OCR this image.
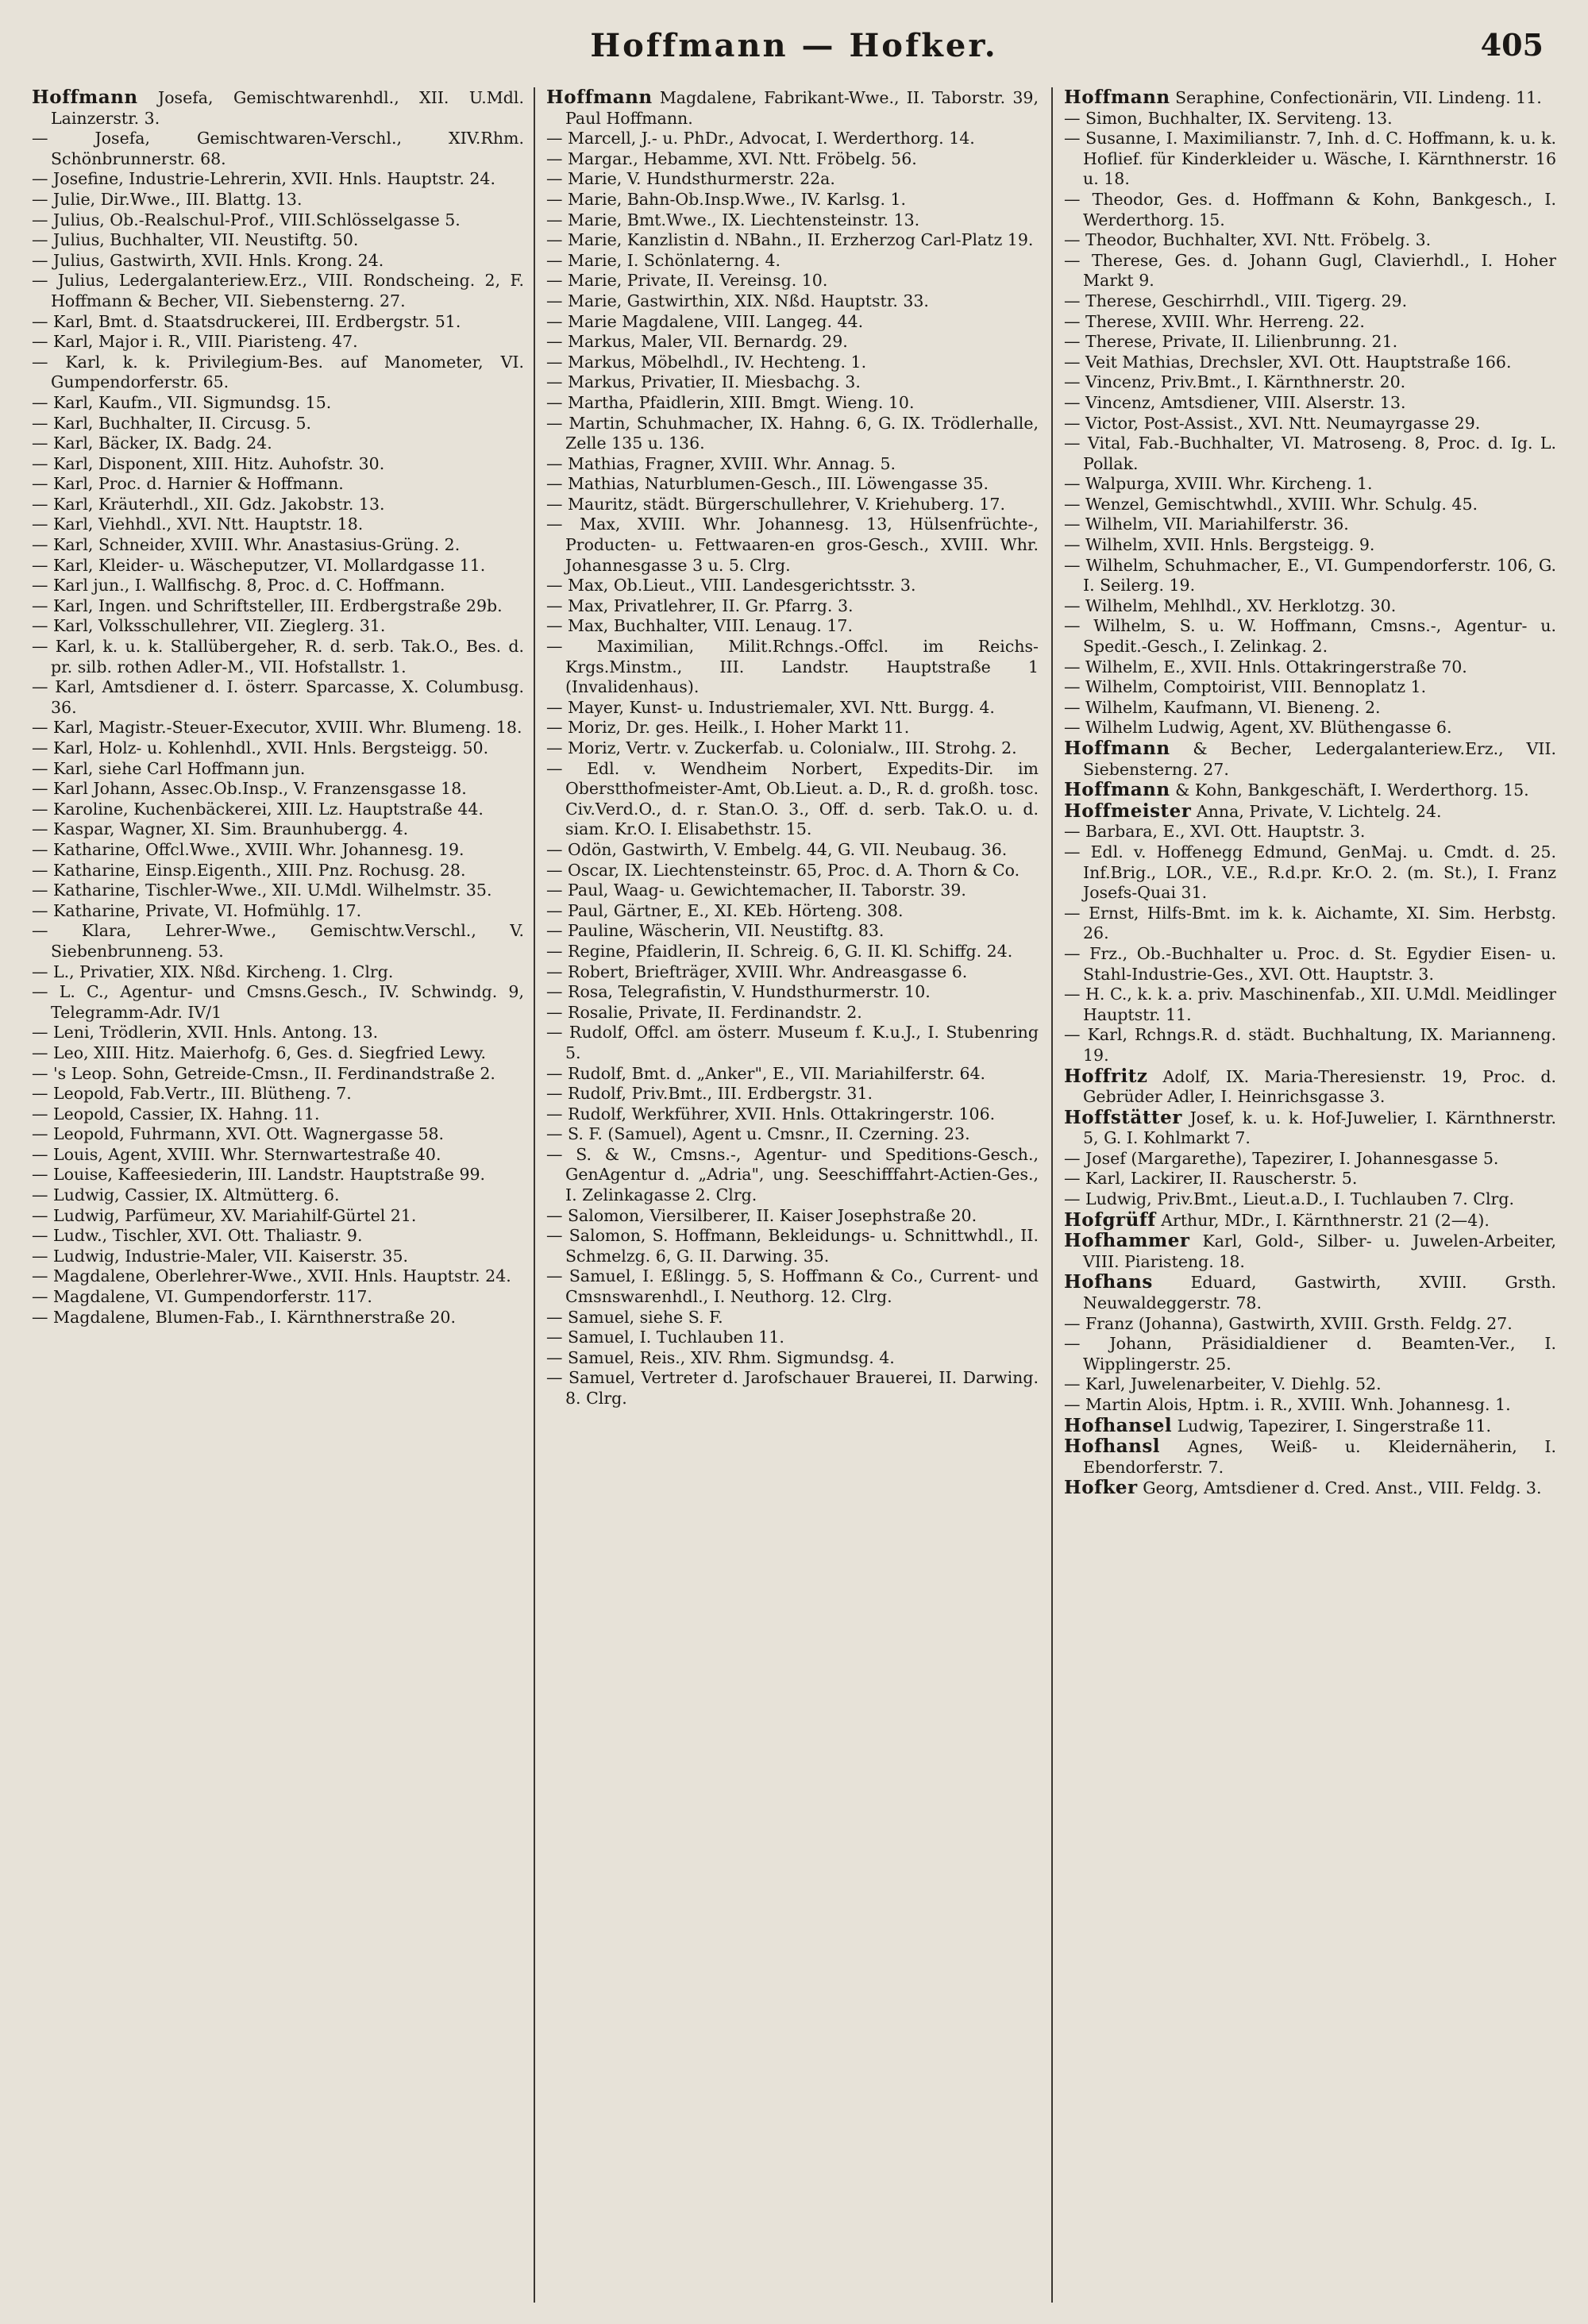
Hoffmann — Hofker.	405

Hoffmann Josefa, Gemischtwarenhdl., XII. U.Mdl. Lainzerstr. 3.

— Josefa, Gemischtwaren-Verschl., XIV.Rhm. Schönbrunnerstr. 68.

— Josefine, Industrie-Lehrerin, XVII. Hnls. Hauptstr. 24.

— Julie, Dir.Wwe., III. Blattg. 13.

— Julius, Ob.-Realschul-Prof., VIII.Schlösselgasse 5.

— Julius, Buchhalter, VII. Neustiftg. 50.

— Julius, Gastwirth, XVII. Hnls. Krong. 24.

— Julius, Ledergalanteriew.Erz., VIII. Rondscheing. 2, F. Hoffmann & Becher, VII. Siebensterng. 27.

— Karl, Bmt. d. Staatsdruckerei, III. Erdbergstr. 51.

— Karl, Major i. R., VIII. Piaristeng. 47.

— Karl, k. k. Privilegium-Bes. auf Manometer, VI. Gumpendorferstr. 65.

— Karl, Kaufm., VII. Sigmundsg. 15.

— Karl, Buchhalter, II. Circusg. 5.

— Karl, Bäcker, IX. Badg. 24.

— Karl, Disponent, XIII. Hitz. Auhofstr. 30.

— Karl, Proc. d. Harnier & Hoffmann.

— Karl, Kräuterhdl., XII. Gdz. Jakobstr. 13.

— Karl, Viehhdl., XVI. Ntt. Hauptstr. 18.

— Karl, Schneider, XVIII. Whr. Anastasius-Grüng. 2.

— Karl, Kleider- u. Wäscheputzer, VI. Mollardgasse 11.

— Karl jun., I. Wallfischg. 8, Proc. d. C. Hoffmann.

— Karl, Ingen. und Schriftsteller, III. Erdbergstraße 29b.

— Karl, Volksschullehrer, VII. Zieglerg. 31.

— Karl, k. u. k. Stallübergeher, R. d. serb. Tak.O., Bes. d. pr. silb. rothen Adler-M., VII. Hofstallstr. 1.

— Karl, Amtsdiener d. I. österr. Sparcasse, X. Columbusg. 36.

— Karl, Magistr.-Steuer-Executor, XVIII. Whr. Blumeng. 18.

— Karl, Holz- u. Kohlenhdl., XVII. Hnls. Bergsteigg. 50.

— Karl, siehe Carl Hoffmann jun.

— Karl Johann, Assec.Ob.Insp., V. Franzensgasse 18.

— Karoline, Kuchenbäckerei, XIII. Lz. Hauptstraße 44.

— Kaspar, Wagner, XI. Sim. Braunhubergg. 4.

— Katharine, Offcl.Wwe., XVIII. Whr. Johannesg. 19.

— Katharine, Einsp.Eigenth., XIII. Pnz. Rochusg. 28.

— Katharine, Tischler-Wwe., XII. U.Mdl. Wilhelmstr. 35.

— Katharine, Private, VI. Hofmühlg. 17.

— Klara, Lehrer-Wwe., Gemischtw.Verschl., V. Siebenbrunneng. 53.

— L., Privatier, XIX. Nßd. Kircheng. 1. Clrg.

— L. C., Agentur- und Cmsns.Gesch., IV. Schwindg. 9, Telegramm-Adr. IV/1

— Leni, Trödlerin, XVII. Hnls. Antong. 13.

— Leo, XIII. Hitz. Maierhofg. 6, Ges. d. Siegfried Lewy.

— 's Leop. Sohn, Getreide-Cmsn., II. Ferdinandstraße 2.

— Leopold, Fab.Vertr., III. Blütheng. 7.

— Leopold, Cassier, IX. Hahng. 11.

— Leopold, Fuhrmann, XVI. Ott. Wagnergasse 58.

— Louis, Agent, XVIII. Whr. Sternwartestraße 40.

— Louise, Kaffeesiederin, III. Landstr. Hauptstraße 99.

— Ludwig, Cassier, IX. Altmütterg. 6.

— Ludwig, Parfümeur, XV. Mariahilf-Gürtel 21.

— Ludw., Tischler, XVI. Ott. Thaliastr. 9.

— Ludwig, Industrie-Maler, VII. Kaiserstr. 35.

— Magdalene, Oberlehrer-Wwe., XVII. Hnls. Hauptstr. 24.

— Magdalene, VI. Gumpendorferstr. 117.

— Magdalene, Blumen-Fab., I. Kärnthnerstraße 20.

Hoffmann Magdalene, Fabrikant-Wwe., II. Taborstr. 39, Paul Hoffmann.

— Marcell, J.- u. PhDr., Advocat, I. Werderthorg. 14.

— Margar., Hebamme, XVI. Ntt. Fröbelg. 56.

— Marie, V. Hundsthurmerstr. 22a.

— Marie, Bahn-Ob.Insp.Wwe., IV. Karlsg. 1.

— Marie, Bmt.Wwe., IX. Liechtensteinstr. 13.

— Marie, Kanzlistin d. NBahn., II. Erzherzog Carl-Platz 19.

— Marie, I. Schönlaterng. 4.

— Marie, Private, II. Vereinsg. 10.

— Marie, Gastwirthin, XIX. Nßd. Hauptstr. 33.

— Marie Magdalene, VIII. Langeg. 44.

— Markus, Maler, VII. Bernardg. 29.

— Markus, Möbelhdl., IV. Hechteng. 1.

— Markus, Privatier, II. Miesbachg. 3.

— Martha, Pfaidlerin, XIII. Bmgt. Wieng. 10.

— Martin, Schuhmacher, IX. Hahng. 6, G. IX. Trödlerhalle, Zelle 135 u. 136.

— Mathias, Fragner, XVIII. Whr. Annag. 5.

— Mathias, Naturblumen-Gesch., III. Löwengasse 35.

— Mauritz, städt. Bürgerschullehrer, V. Kriehuberg. 17.

— Max, XVIII. Whr. Johannesg. 13, Hülsenfrüchte-, Producten- u. Fettwaaren-en gros-Gesch., XVIII. Whr. Johannesgasse 3 u. 5. Clrg.

— Max, Ob.Lieut., VIII. Landesgerichtsstr. 3.

— Max, Privatlehrer, II. Gr. Pfarrg. 3.

— Max, Buchhalter, VIII. Lenaug. 17.

— Maximilian, Milit.Rchngs.-Offcl. im Reichs-Krgs.Minstm., III. Landstr. Hauptstraße 1 (Invalidenhaus).

— Mayer, Kunst- u. Industriemaler, XVI. Ntt. Burgg. 4.

— Moriz, Dr. ges. Heilk., I. Hoher Markt 11.

— Moriz, Vertr. v. Zuckerfab. u. Colonialw., III. Strohg. 2.

— Edl. v. Wendheim Norbert, Expedits-Dir. im Oberstthofmeister-Amt, Ob.Lieut. a. D., R. d. großh. tosc. Civ.Verd.O., d. r. Stan.O. 3., Off. d. serb. Tak.O. u. d. siam. Kr.O. I. Elisabethstr. 15.

— Odön, Gastwirth, V. Embelg. 44, G. VII. Neubaug. 36.

— Oscar, IX. Liechtensteinstr. 65, Proc. d. A. Thorn & Co.

— Paul, Waag- u. Gewichtemacher, II. Taborstr. 39.

— Paul, Gärtner, E., XI. KEb. Hörteng. 308.

— Pauline, Wäscherin, VII. Neustiftg. 83.

— Regine, Pfaidlerin, II. Schreig. 6, G. II. Kl. Schiffg. 24.

— Robert, Briefträger, XVIII. Whr. Andreasgasse 6.

— Rosa, Telegrafistin, V. Hundsthurmerstr. 10.

— Rosalie, Private, II. Ferdinandstr. 2.

— Rudolf, Offcl. am österr. Museum f. K.u.J., I. Stubenring 5.

— Rudolf, Bmt. d. „Anker", E., VII. Mariahilferstr. 64.

— Rudolf, Priv.Bmt., III. Erdbergstr. 31.

— Rudolf, Werkführer, XVII. Hnls. Ottakringerstr. 106.

— S. F. (Samuel), Agent u. Cmsnr., II. Czerning. 23.

— S. & W., Cmsns.-, Agentur- und Speditions-Gesch., GenAgentur d. „Adria", ung. Seeschifffahrt-Actien-Ges., I. Zelinkagasse 2. Clrg.

— Salomon, Viersilberer, II. Kaiser Josephstraße 20.

— Salomon, S. Hoffmann, Bekleidungs- u. Schnittwhdl., II. Schmelzg. 6, G. II. Darwing. 35.

— Samuel, I. Eßlingg. 5, S. Hoffmann & Co., Current- und Cmsnswarenhdl., I. Neuthorg. 12. Clrg.

— Samuel, siehe S. F.

— Samuel, I. Tuchlauben 11.

— Samuel, Reis., XIV. Rhm. Sigmundsg. 4.

— Samuel, Vertreter d. Jarofschauer Brauerei, II. Darwing. 8. Clrg.

Hoffmann Seraphine, Confectionärin, VII. Lindeng. 11.

— Simon, Buchhalter, IX. Serviteng. 13.

— Susanne, I. Maximilianstr. 7, Inh. d. C. Hoffmann, k. u. k. Hoflief. für Kinderkleider u. Wäsche, I. Kärnthnerstr. 16 u. 18.

— Theodor, Ges. d. Hoffmann & Kohn, Bankgesch., I. Werderthorg. 15.

— Theodor, Buchhalter, XVI. Ntt. Fröbelg. 3.

— Therese, Ges. d. Johann Gugl, Clavierhdl., I. Hoher Markt 9.

— Therese, Geschirrhdl., VIII. Tigerg. 29.

— Therese, XVIII. Whr. Herreng. 22.

— Therese, Private, II. Lilienbrunng. 21.

— Veit Mathias, Drechsler, XVI. Ott. Hauptstraße 166.

— Vincenz, Priv.Bmt., I. Kärnthnerstr. 20.

— Vincenz, Amtsdiener, VIII. Alserstr. 13.

— Victor, Post-Assist., XVI. Ntt. Neumayrgasse 29.

— Vital, Fab.-Buchhalter, VI. Matroseng. 8, Proc. d. Ig. L. Pollak.

— Walpurga, XVIII. Whr. Kircheng. 1.

— Wenzel, Gemischtwhdl., XVIII. Whr. Schulg. 45.

— Wilhelm, VII. Mariahilferstr. 36.

— Wilhelm, XVII. Hnls. Bergsteigg. 9.

— Wilhelm, Schuhmacher, E., VI. Gumpendorferstr. 106, G. I. Seilerg. 19.

— Wilhelm, Mehlhdl., XV. Herklotzg. 30.

— Wilhelm, S. u. W. Hoffmann, Cmsns.-, Agentur- u. Spedit.-Gesch., I. Zelinkag. 2.

— Wilhelm, E., XVII. Hnls. Ottakringerstraße 70.

— Wilhelm, Comptoirist, VIII. Bennoplatz 1.

— Wilhelm, Kaufmann, VI. Bieneng. 2.

— Wilhelm Ludwig, Agent, XV. Blüthengasse 6.

Hoffmann & Becher, Ledergalanteriew.Erz., VII. Siebensterng. 27.

Hoffmann & Kohn, Bankgeschäft, I. Werderthorg. 15.

Hoffmeister Anna, Private, V. Lichtelg. 24.

— Barbara, E., XVI. Ott. Hauptstr. 3.

— Edl. v. Hoffenegg Edmund, GenMaj. u. Cmdt. d. 25. Inf.Brig., LOR., V.E., R.d.pr. Kr.O. 2. (m. St.), I. Franz Josefs-Quai 31.

— Ernst, Hilfs-Bmt. im k. k. Aichamte, XI. Sim. Herbstg. 26.

— Frz., Ob.-Buchhalter u. Proc. d. St. Egydier Eisen- u. Stahl-Industrie-Ges., XVI. Ott. Hauptstr. 3.

— H. C., k. k. a. priv. Maschinenfab., XII. U.Mdl. Meidlinger Hauptstr. 11.

— Karl, Rchngs.R. d. städt. Buchhaltung, IX. Marianneng. 19.

Hoffritz Adolf, IX. Maria-Theresienstr. 19, Proc. d. Gebrüder Adler, I. Heinrichsgasse 3.

Hoffstätter Josef, k. u. k. Hof-Juwelier, I. Kärnthnerstr. 5, G. I. Kohlmarkt 7.

— Josef (Margarethe), Tapezirer, I. Johannesgasse 5.

— Karl, Lackirer, II. Rauscherstr. 5.

— Ludwig, Priv.Bmt., Lieut.a.D., I. Tuchlauben 7. Clrg.

Hofgrüff Arthur, MDr., I. Kärnthnerstr. 21 (2—4).

Hofhammer Karl, Gold-, Silber- u. Juwelen-Arbeiter, VIII. Piaristeng. 18.

Hofhans Eduard, Gastwirth, XVIII. Grsth. Neuwaldeggerstr. 78.

— Franz (Johanna), Gastwirth, XVIII. Grsth. Feldg. 27.

— Johann, Präsidialdiener d. Beamten-Ver., I. Wipplingerstr. 25.

— Karl, Juwelenarbeiter, V. Diehlg. 52.

— Martin Alois, Hptm. i. R., XVIII. Wnh. Johannesg. 1.

Hofhansel Ludwig, Tapezirer, I. Singerstraße 11.

Hofhansl Agnes, Weiß- u. Kleidernäherin, I. Ebendorferstr. 7.

Hofker Georg, Amtsdiener d. Cred. Anst., VIII. Feldg. 3.
